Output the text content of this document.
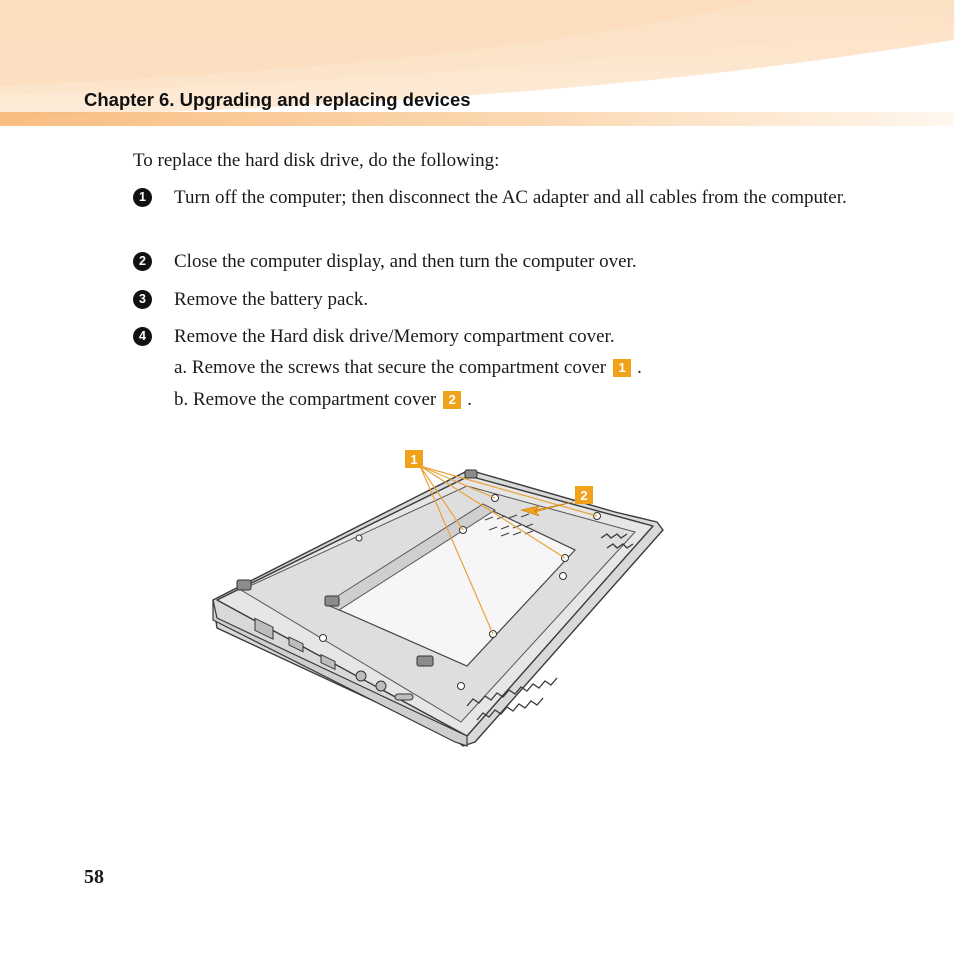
Chapter 6. Upgrading and replacing devices
To replace the hard disk drive, do the following:
1	Turn off the computer; then disconnect the AC adapter and all cables from the computer.
2	Close the computer display, and then turn the computer over.
3	Remove the battery pack.
4	Remove the Hard disk drive/Memory compartment cover.
a. Remove the screws that secure the compartment cover 1 .
b. Remove the compartment cover 2 .
1
2
58
